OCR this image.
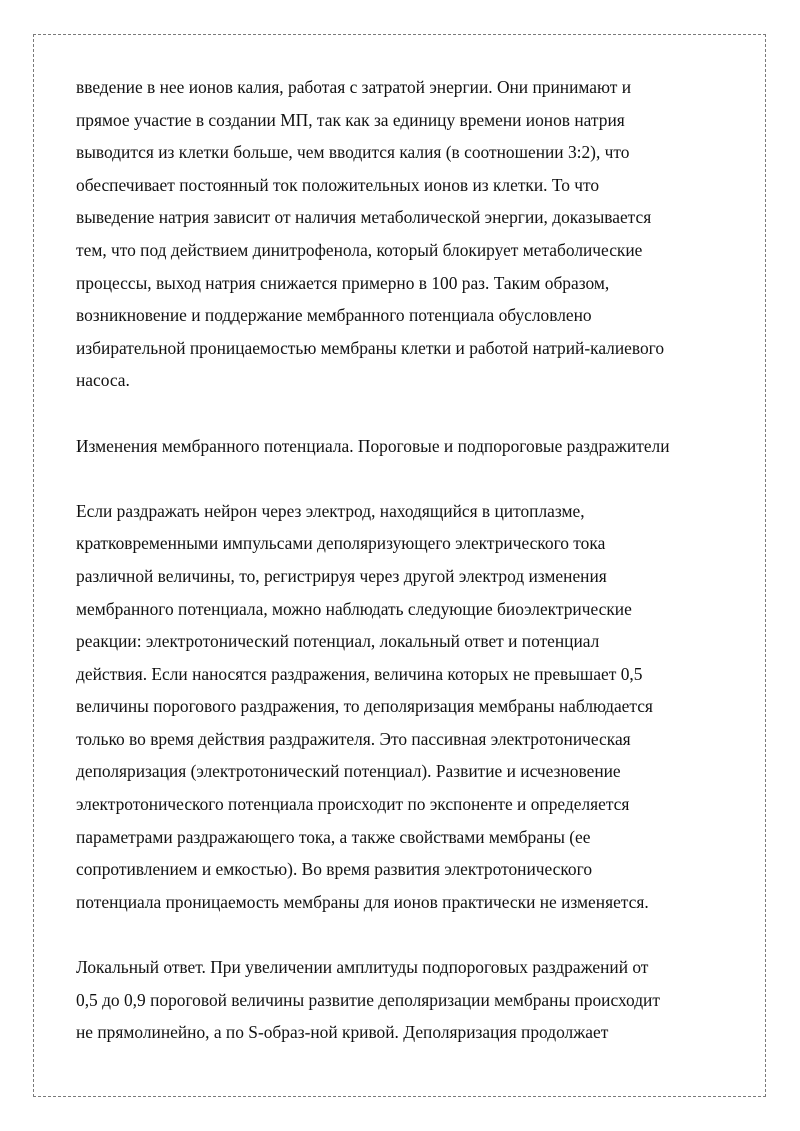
введение в нее ионов калия, работая с затратой энергии. Они принимают и
прямое участие в создании МП, так как за единицу времени ионов натрия
выводится из клетки больше, чем вводится калия (в соотношении 3:2), что
обеспечивает постоянный ток положительных ионов из клетки. То что
выведение натрия зависит от наличия метаболической энергии, доказывается
тем, что под действием динитрофенола, который блокирует метаболические
процессы, выход натрия снижается примерно в 100 раз. Таким образом,
возникновение и поддержание мембранного потенциала обусловлено
избирательной проницаемостью мембраны клетки и работой натрий-калиевого
насоса.
Изменения мембранного потенциала. Пороговые и подпороговые раздражители
Если раздражать нейрон через электрод, находящийся в цитоплазме,
кратковременными импульсами деполяризующего электрического тока
различной величины, то, регистрируя через другой электрод изменения
мембранного потенциала, можно наблюдать следующие биоэлектрические
реакции: электротонический потенциал, локальный ответ и потенциал
действия. Если наносятся раздражения, величина которых не превышает 0,5
величины порогового раздражения, то деполяризация мембраны наблюдается
только во время действия раздражителя. Это пассивная электротоническая
деполяризация (электротонический потенциал). Развитие и исчезновение
электротонического потенциала происходит по экспоненте и определяется
параметрами раздражающего тока, а также свойствами мембраны (ее
сопротивлением и емкостью). Во время развития электротонического
потенциала проницаемость мембраны для ионов практически не изменяется.
Локальный ответ. При увеличении амплитуды подпороговых раздражений от
0,5 до 0,9 пороговой величины развитие деполяризации мембраны происходит
не прямолинейно, а по S-образ-ной кривой. Деполяризация продолжает
